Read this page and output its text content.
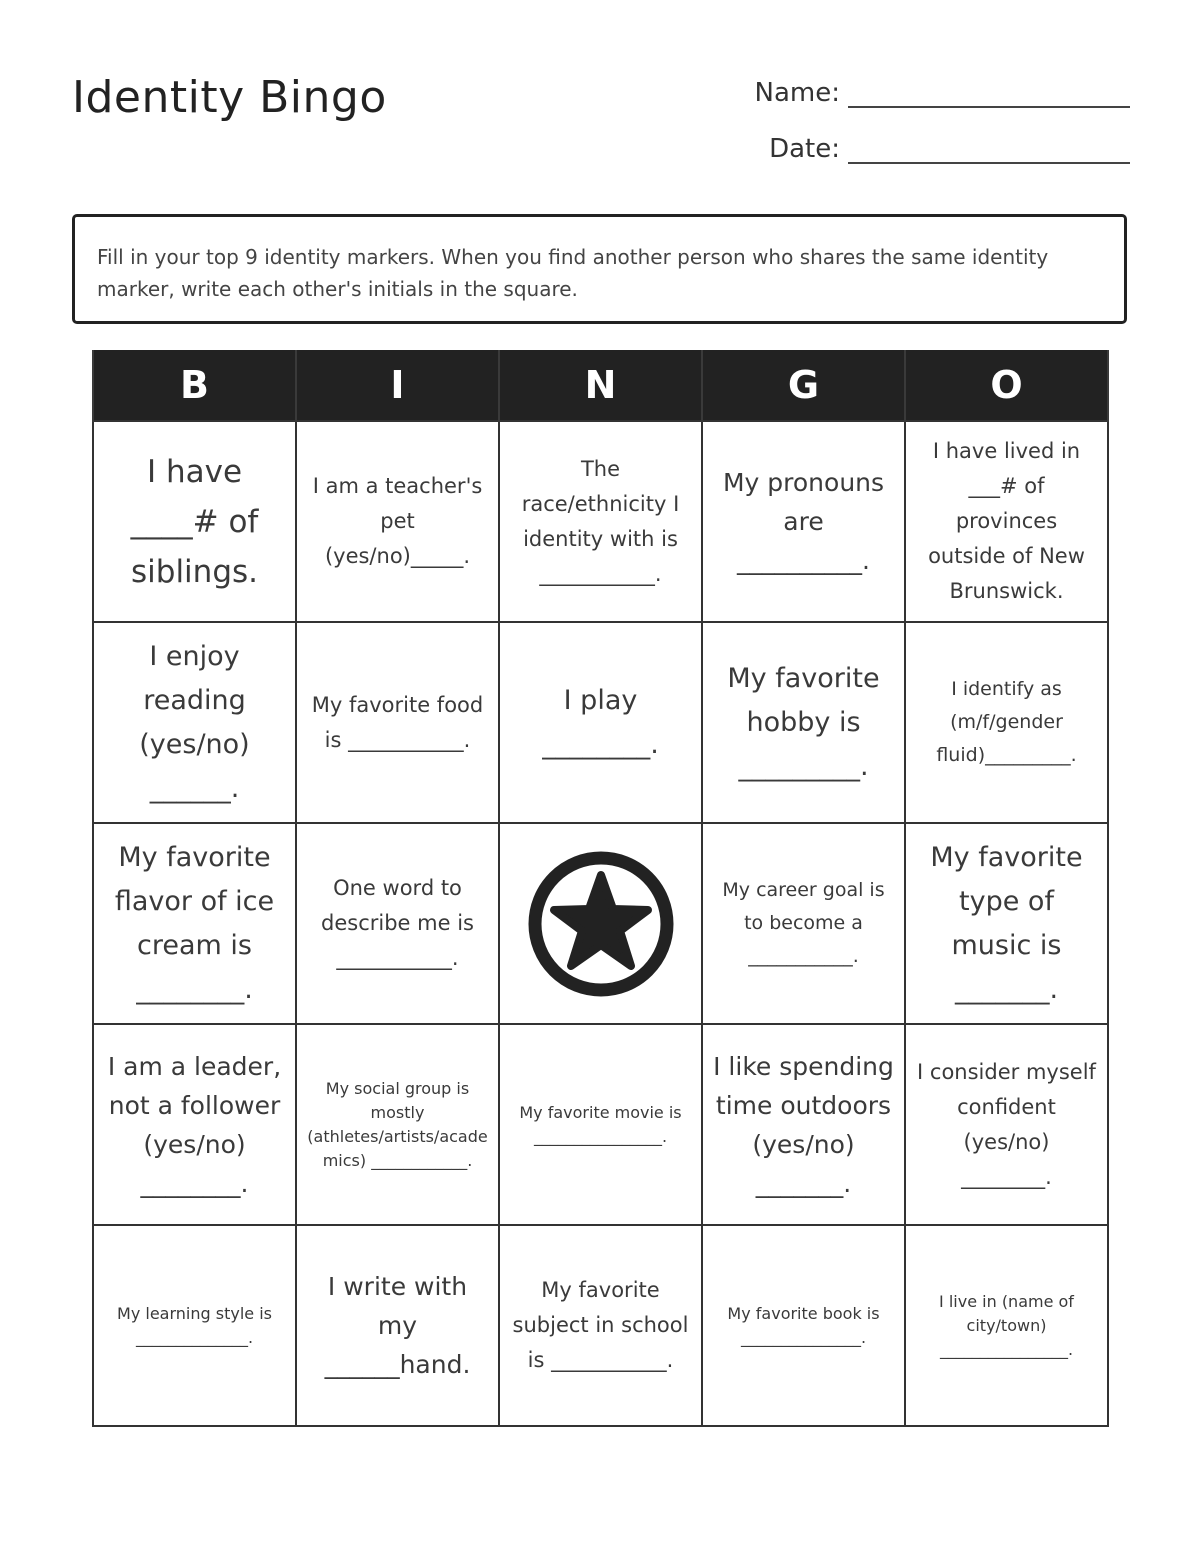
Identity Bingo	Name:
Date:
Fill in your top 9 identity markers. When you find another person who shares the same identity marker, write each other's initials in the square.
B	I	N	G	O
I have ____# of siblings.	I am a teacher's pet (yes/no)_____.	The race/ethnicity I identity with is ___________.	My pronouns are __________.	I have lived in ___# of provinces outside of New Brunswick.
I enjoy reading (yes/no) ______.	My favorite food is ___________.	I play ________.	My favorite hobby is _________.	I identify as (m/f/gender fluid)_________.
My favorite flavor of ice cream is ________.	One word to describe me is ___________.		My career goal is to become a ___________.	My favorite type of music is _______.
I am a leader, not a follower (yes/no) ________.	My social group is mostly (athletes/artists/academics) ____________.	My favorite movie is ________________.	I like spending time outdoors (yes/no) _______.	I consider myself confident (yes/no) ________.
My learning style is ______________.	I write with my ______hand.	My favorite subject in school is ___________.	My favorite book is _______________.	I live in (name of city/town) ________________.
